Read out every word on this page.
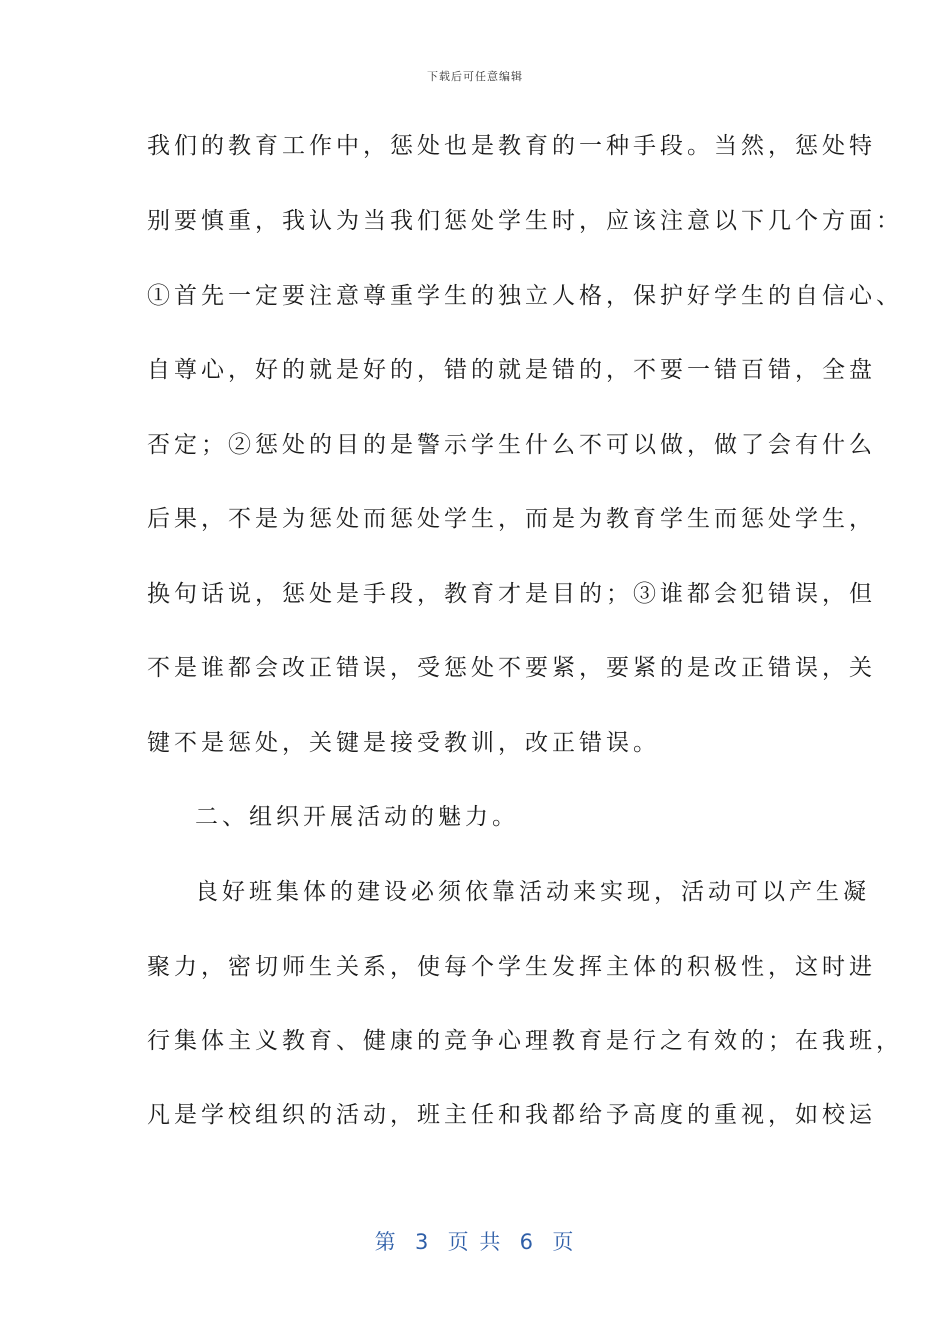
下载后可任意编辑
我们的教育工作中，惩处也是教育的一种手段。当然，惩处特
别要慎重，我认为当我们惩处学生时，应该注意以下几个方面：
①首先一定要注意尊重学生的独立人格，保护好学生的自信心、
自尊心，好的就是好的，错的就是错的，不要一错百错，全盘
否定；②惩处的目的是警示学生什么不可以做，做了会有什么
后果，不是为惩处而惩处学生，而是为教育学生而惩处学生，
换句话说，惩处是手段，教育才是目的；③谁都会犯错误，但
不是谁都会改正错误，受惩处不要紧，要紧的是改正错误，关
键不是惩处，关键是接受教训，改正错误。
二、组织开展活动的魅力。
良好班集体的建设必须依靠活动来实现，活动可以产生凝
聚力，密切师生关系，使每个学生发挥主体的积极性，这时进
行集体主义教育、健康的竞争心理教育是行之有效的；在我班，
凡是学校组织的活动，班主任和我都给予高度的重视，如校运
第  3  页 共  6  页
